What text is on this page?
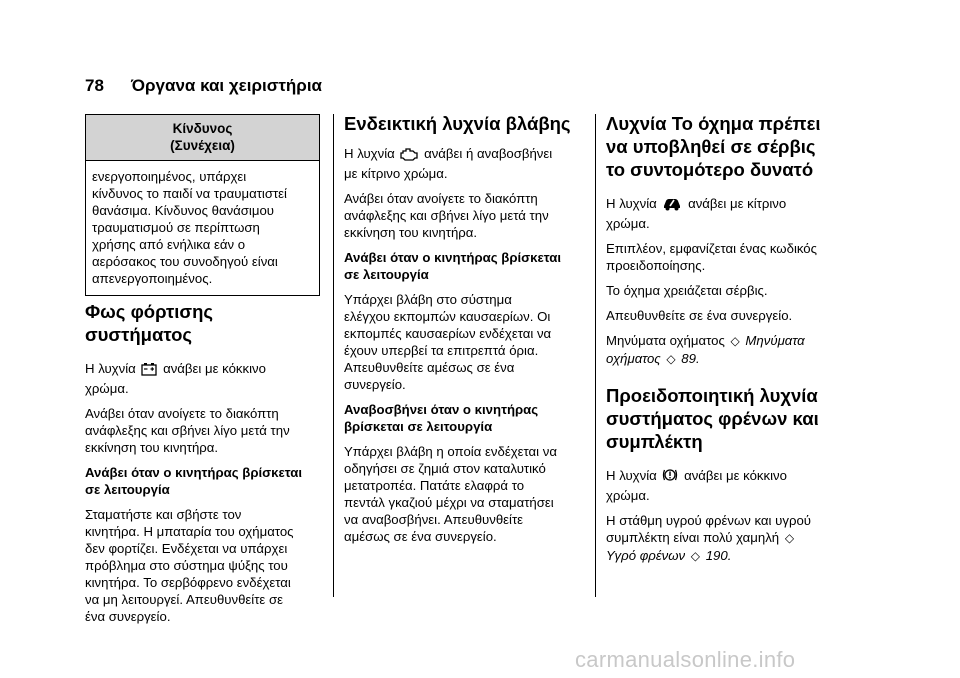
78 Όργανα και χειριστήρια
Κίνδυνος
(Συνέχεια)
ενεργοποιημένος, υπάρχει
κίνδυνος το παιδί να τραυματιστεί
θανάσιμα. Κίνδυνος θανάσιμου
τραυματισμού σε περίπτωση
χρήσης από ενήλικα εάν ο
αερόσακος του συνοδηγού είναι
απενεργοποιημένος.
Φως φόρτισης
συστήματος

Η λυχνία ανάβει με κόκκινο
χρώμα.

Ανάβει όταν ανοίγετε το διακόπτη
ανάφλεξης και σβήνει λίγο μετά την
εκκίνηση του κινητήρα.

Ανάβει όταν ο κινητήρας βρίσκεται
σε λειτουργία

Σταματήστε και σβήστε τον
κινητήρα. Η μπαταρία του οχήματος
δεν φορτίζει. Ενδέχεται να υπάρχει
πρόβλημα στο σύστημα ψύξης του
κινητήρα. Το σερβόφρενο ενδέχεται
να μη λειτουργεί. Απευθυνθείτε σε
ένα συνεργείο.

Ενδεικτική λυχνία βλάβης

Η λυχνία ανάβει ή αναβοσβήνει
με κίτρινο χρώμα.

Ανάβει όταν ανοίγετε το διακόπτη
ανάφλεξης και σβήνει λίγο μετά την
εκκίνηση του κινητήρα.

Ανάβει όταν ο κινητήρας βρίσκεται
σε λειτουργία

Υπάρχει βλάβη στο σύστημα
ελέγχου εκπομπών καυσαερίων. Οι
εκπομπές καυσαερίων ενδέχεται να
έχουν υπερβεί τα επιτρεπτά όρια.
Απευθυνθείτε αμέσως σε ένα
συνεργείο.

Αναβοσβήνει όταν ο κινητήρας
βρίσκεται σε λειτουργία

Υπάρχει βλάβη η οποία ενδέχεται να
οδηγήσει σε ζημιά στον καταλυτικό
μετατροπέα. Πατάτε ελαφρά το
πεντάλ γκαζιού μέχρι να σταματήσει
να αναβοσβήνει. Απευθυνθείτε
αμέσως σε ένα συνεργείο.

Λυχνία Το όχημα πρέπει
να υποβληθεί σε σέρβις
το συντομότερο δυνατό

Η λυχνία ανάβει με κίτρινο
χρώμα.

Επιπλέον, εμφανίζεται ένας κωδικός
προειδοποίησης.

Το όχημα χρειάζεται σέρβις.

Απευθυνθείτε σε ένα συνεργείο.

Μηνύματα οχήματος ◇ Μηνύματα
οχήματος ◇ 89.

Προειδοποιητική λυχνία
συστήματος φρένων και
συμπλέκτη

Η λυχνία ανάβει με κόκκινο
χρώμα.

Η στάθμη υγρού φρένων και υγρού
συμπλέκτη είναι πολύ χαμηλή ◇
Υγρό φρένων ◇ 190.

carmanualsonline.info
